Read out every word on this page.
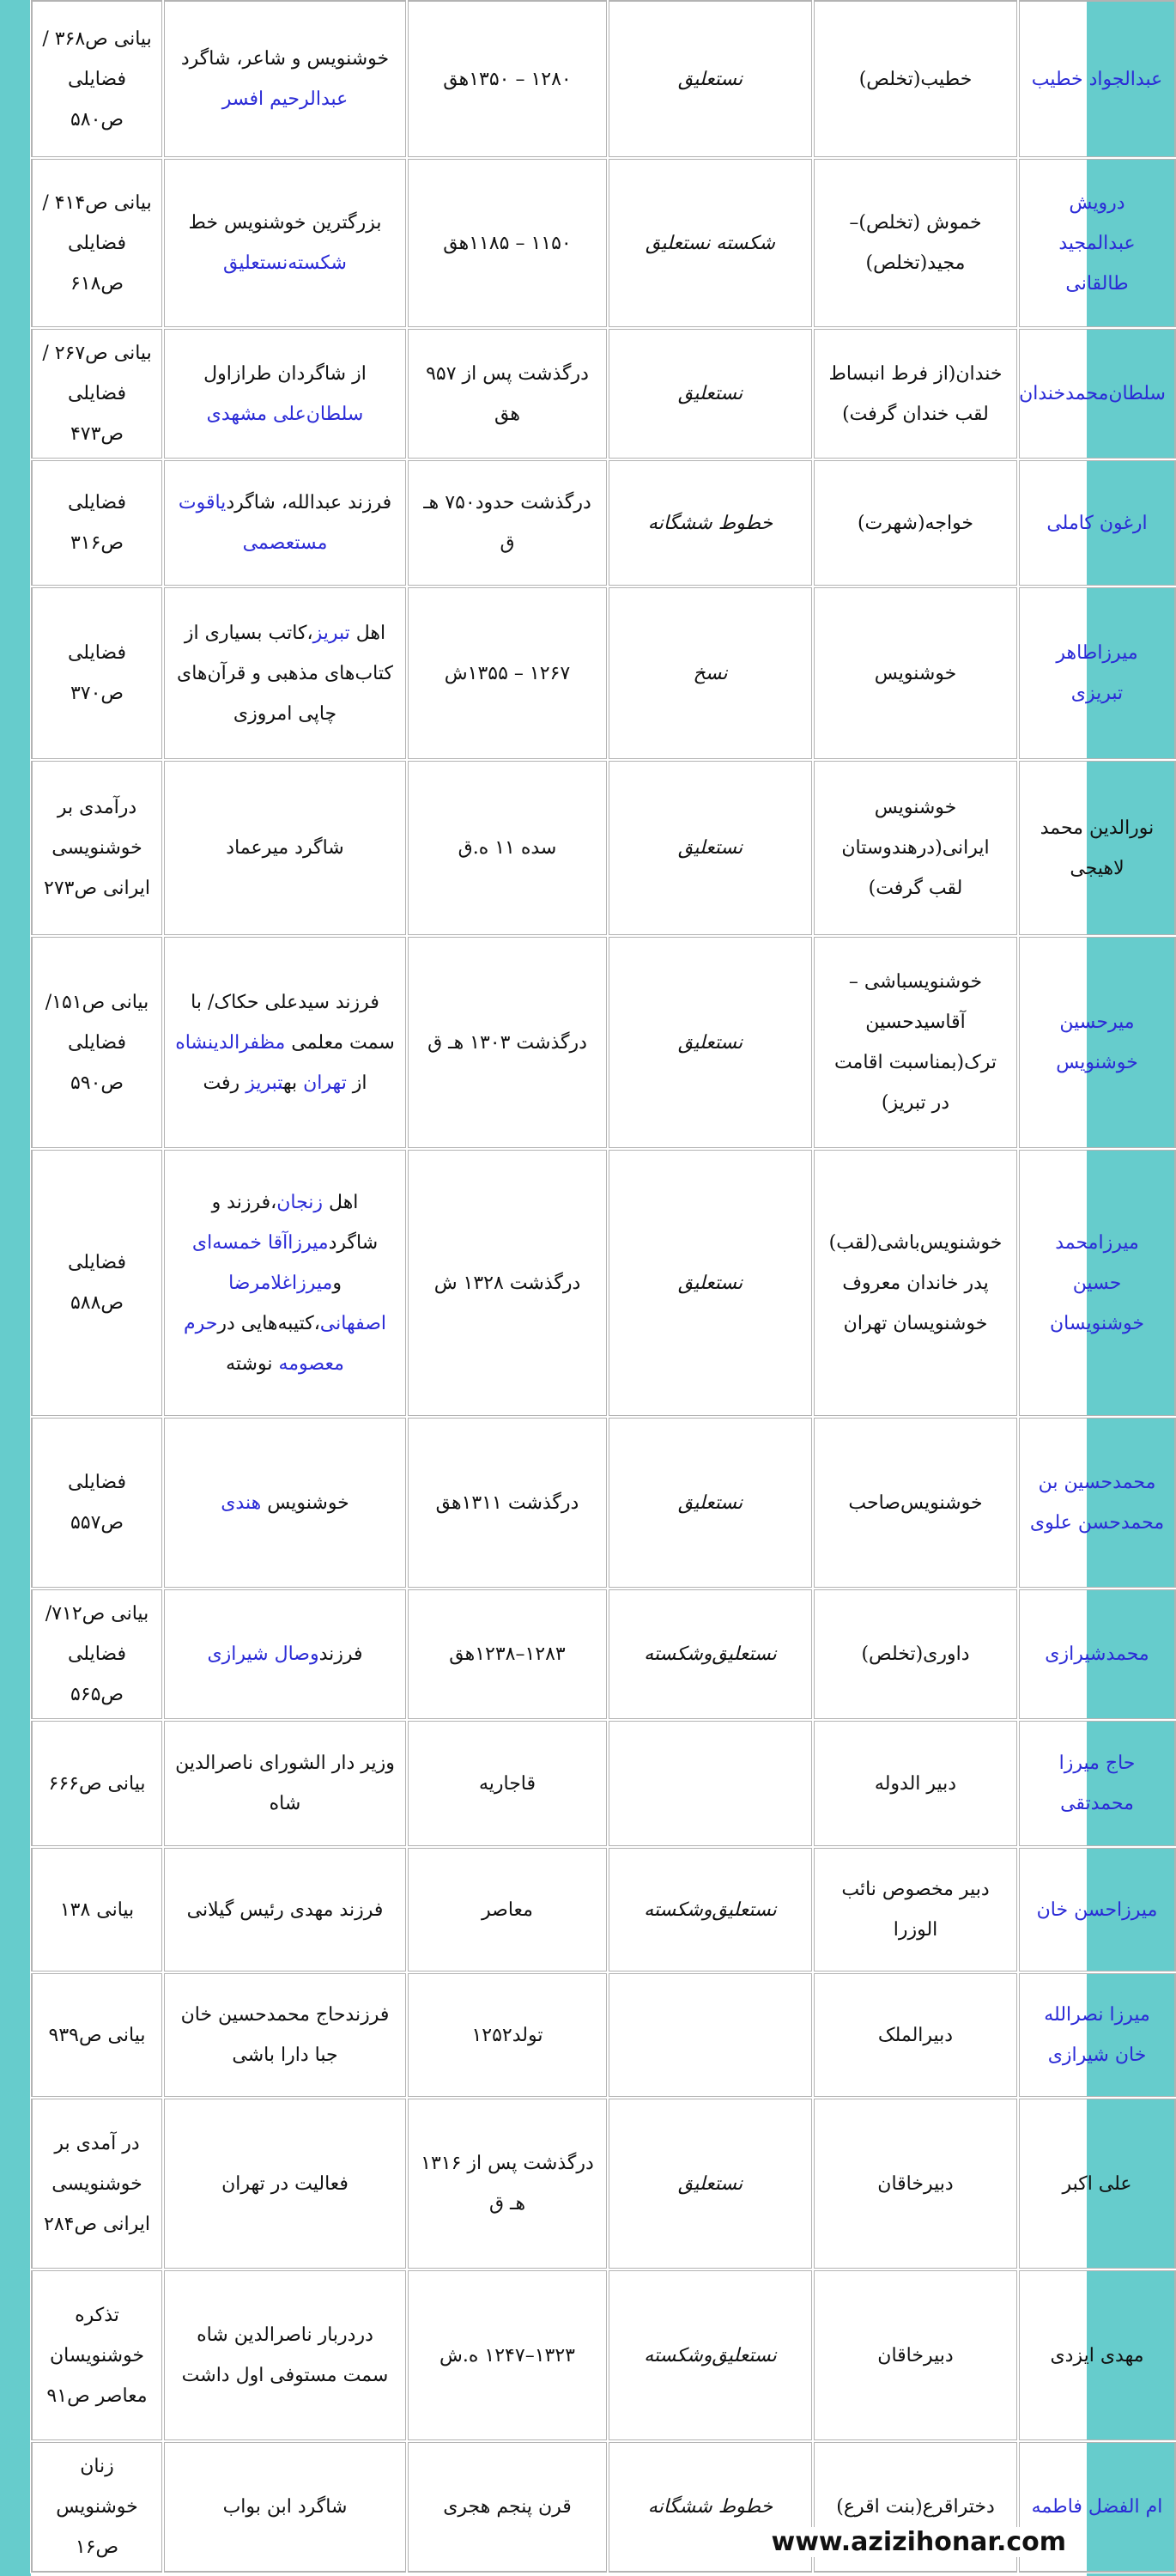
عبدالجواد خطیب	خطیب(تخلص)	نستعلیق	۱۲۸۰ – ۱۳۵۰هق	خوشنویس و شاعر، شاگرد عبدالرحیم افسر	بیانی ص۳۶۸ / فضایلی ص۵۸۰
درویش عبدالمجید طالقانی	خموش (تخلص)– مجید(تخلص)	شکسته نستعلیق	۱۱۵۰ – ۱۱۸۵هق	بزرگترین خوشنویس خط شکسته‌نستعلیق	بیانی ص۴۱۴ / فضایلی ص۶۱۸
سلطان‌محمدخندان	خندان(از فرط انبساط لقب خندان گرفت)	نستعلیق	درگذشت پس از ۹۵۷ هق	از شاگردان طرازاول سلطان‌علی مشهدی	بیانی ص۲۶۷ / فضایلی ص۴۷۳
ارغون کاملی	خواجه(شهرت)	خطوط ششگانه	درگذشت حدود۷۵۰ هـ ق	فرزند عبدالله، شاگردیاقوت مستعصمی	فضایلی ص۳۱۶
میرزاطاهر تبریزی	خوشنویس	نسخ	۱۲۶۷ – ۱۳۵۵ش	اهل تبریز،کاتب بسیاری از کتاب‌های مذهبی و قرآن‌های چاپی امروزی	فضایلی ص۳۷۰
نورالدین محمد لاهیجی	خوشنویس ایرانی(درهندوستان لقب گرفت)	نستعلیق	سده ۱۱ ه.ق	شاگرد میرعماد	درآمدی بر خوشنویسی ایرانی ص۲۷۳
میرحسین خوشنویس	خوشنویسباشی – آقاسیدحسین ترک(بمناسبت اقامت در تبریز)	نستعلیق	درگذشت ۱۳۰۳ هـ ق	فرزند سیدعلی حکاک/ با سمت معلمی مظفرالدینشاه از تهران بهتبریز رفت	بیانی ص۱۵۱/ فضایلی ص۵۹۰
میرزامحمد حسین خوشنویسان	خوشنویس‌باشی(لقب) پدر خاندان معروف خوشنویسان تهران	نستعلیق	درگذشت ۱۳۲۸ ش	اهل زنجان،فرزند و شاگردمیرزاآقا خمسه‌ای ومیرزاغلامرضا اصفهانی،کتیبه‌هایی درحرم معصومه نوشته	فضایلی ص۵۸۸
محمدحسین بن محمدحسن علوی	خوشنویس‌صاحب	نستعلیق	درگذشت ۱۳۱۱هق	خوشنویس هندی	فضایلی ص۵۵۷
محمدشیرازی	داوری(تخلص)	نستعلیق‌وشکسته	۱۲۸۳–۱۲۳۸هق	فرزندوصال شیرازی	بیانی ص۷۱۲/ فضایلی ص۵۶۵
حاج میرزا محمدتقی	دبیر الدوله		قاجاریه	وزیر دار الشورای ناصرالدین شاه	بیانی ص۶۶۶
میرزاحسن خان	دبیر مخصوص نائب الوزرا	نستعلیق‌وشکسته	معاصر	فرزند مهدی رئیس گیلانی	بیانی ۱۳۸
میرزا نصرالله خان شیرازی	دبیرالملک		تولد۱۲۵۲	فرزندحاج محمدحسین خان جبا دارا باشی	بیانی ص۹۳۹
علی اکبر	دبیرخاقان	نستعلیق	درگذشت پس از ۱۳۱۶ هـ ق	فعالیت در تهران	در آمدی بر خوشنویسی ایرانی ص۲۸۴
مهدی ایزدی	دبیرخاقان	نستعلیق‌وشکسته	۱۳۲۳–۱۲۴۷ ه.ش	دردربار ناصرالدین شاه سمت مستوفی اول داشت	تذکره خوشنویسان معاصر ص۹۱
ام الفضل فاطمه	دختراقرع(بنت اقرع)	خطوط ششگانه	قرن پنجم هجری	شاگرد ابن بواب	زنان خوشنویس ص۱۶	www.azizihonar.com
